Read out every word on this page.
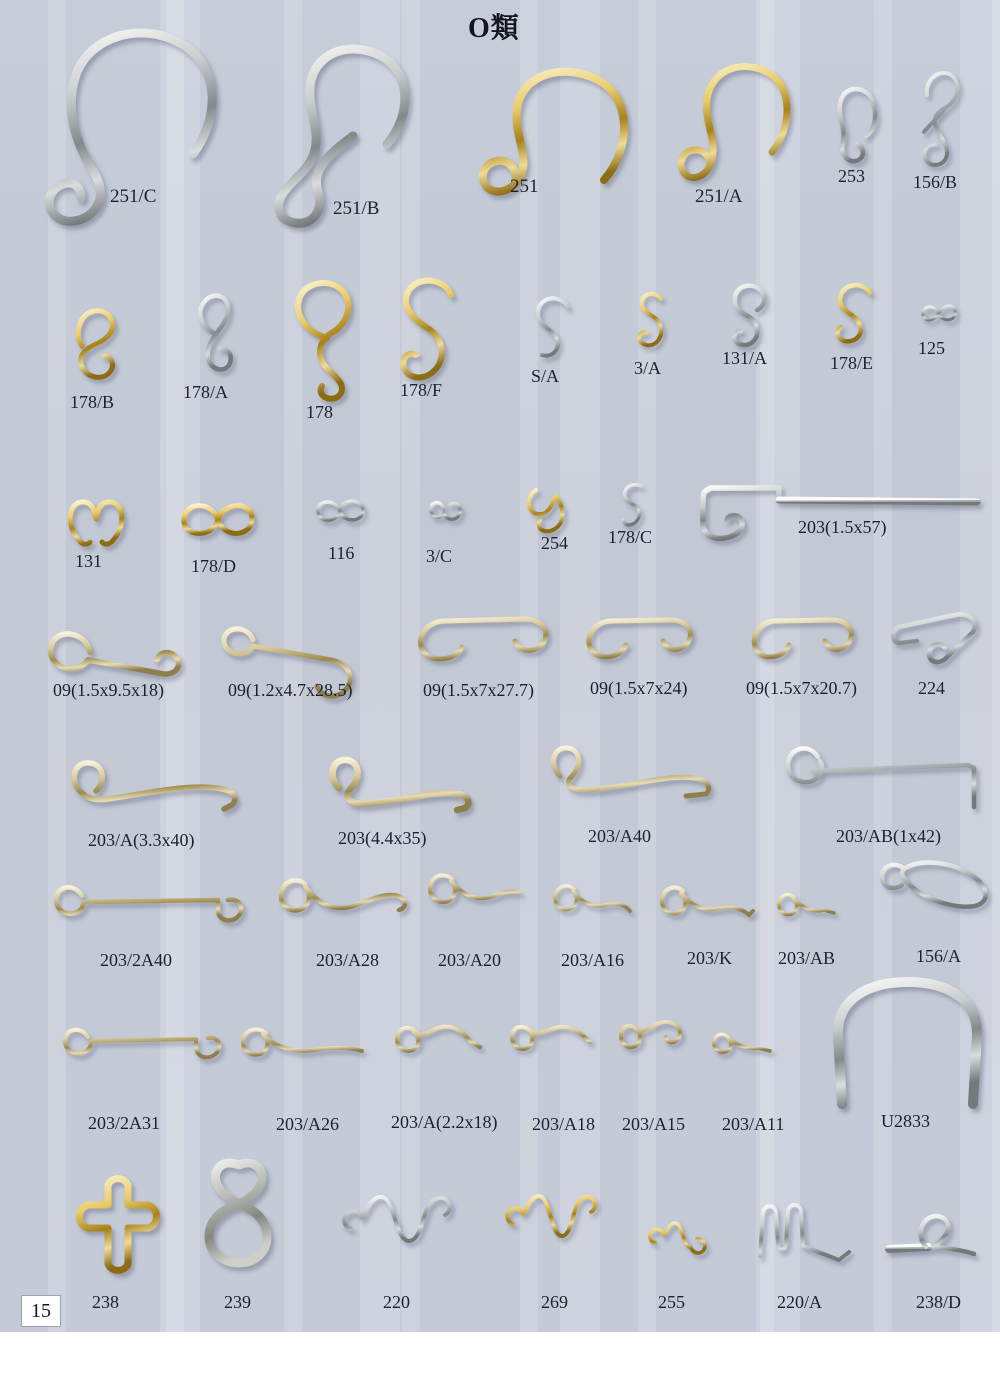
O類
251/C
251/B
251	251/A
253	156/B
178/B	178/A
178
178/F
S/A	3/A	131/A	178/E
125
131	178/D
116	3/C
254 178/C	203(1.5x57)
09(1.5x9.5x18)	09(1.2x4.7x28.5)	09(1.5x7x27.7)	09(1.5x7x24)	09(1.5x7x20.7)	224
203/A(3.3x40)	203(4.4x35)	203/A40	203/AB(1x42)
203/2A40	203/A28	203/A20	203/A16	203/K	203/AB	156/A
203/2A31	203/A26	203/A(2.2x18) 203/A18 203/A15 203/A11	U2833
238	239	220	269	255	220/A	238/D
15
